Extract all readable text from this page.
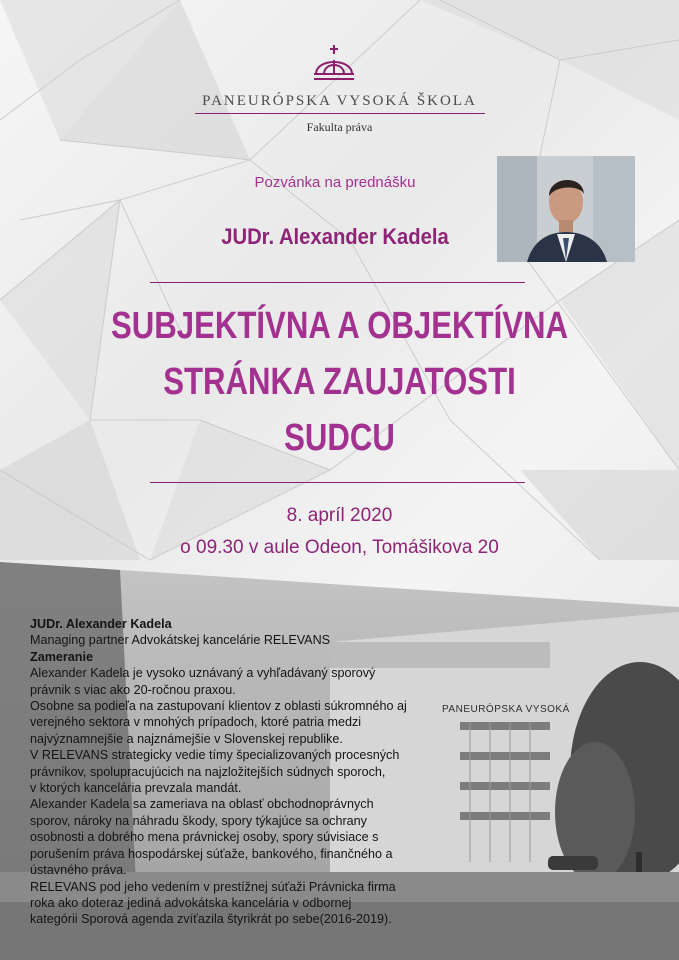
PANEURÓPSKA VYSOKÁ ŠKOLA
Fakulta práva
Pozvánka na prednášku
JUDr. Alexander Kadela
SUBJEKTÍVNA A OBJEKTÍVNA
STRÁNKA ZAUJATOSTI
SUDCU
8. apríl 2020
o 09.30 v aule Odeon, Tomášikova 20
PANEURÓPSKA VYSOKÁ

JUDr. Alexander Kadela

Managing partner Advokátskej kancelárie RELEVANS

Zameranie

Alexander Kadela je vysoko uznávaný a vyhľadávaný sporový

právnik s viac ako 20-ročnou praxou.

Osobne sa podieľa na zastupovaní klientov z oblasti súkromného aj

verejného sektora v mnohých prípadoch, ktoré patria medzi

najvýznamnejšie a najznámejšie v Slovenskej republike.

V RELEVANS strategicky vedie tímy špecializovaných procesných

právnikov, spolupracujúcich na najzložitejších súdnych sporoch,

v ktorých kancelária prevzala mandát.

Alexander Kadela sa zameriava na oblasť obchodnoprávnych

sporov, nároky na náhradu škody, spory týkajúce sa ochrany

osobnosti a dobrého mena právnickej osoby, spory súvisiace s

porušením práva hospodárskej súťaže, bankového, finančného a

ústavného práva.

RELEVANS pod jeho vedením v prestížnej súťaži Právnicka firma

roka ako doteraz jediná advokátska kancelária v odbornej

kategórii Sporová agenda zvíťazila štyrikrát po sebe(2016-2019).
